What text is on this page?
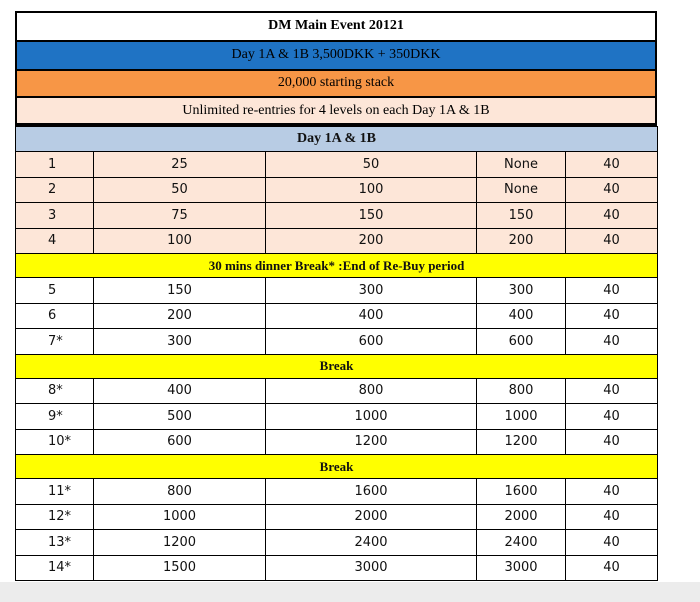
DM Main Event 20121
Day 1A & 1B 3,500DKK + 350DKK
20,000 starting stack
Unlimited re-entries for 4 levels on each Day 1A & 1B
Day 1A & 1B				
1	25	50	None	40
2	50	100	None	40
3	75	150	150	40
4	100	200	200	40
30 mins dinner Break* :End of Re-Buy period				
5	150	300	300	40
6	200	400	400	40
7*	300	600	600	40
Break				
8*	400	800	800	40
9*	500	1000	1000	40
10*	600	1200	1200	40
Break				
11*	800	1600	1600	40
12*	1000	2000	2000	40
13*	1200	2400	2400	40
14*	1500	3000	3000	40
